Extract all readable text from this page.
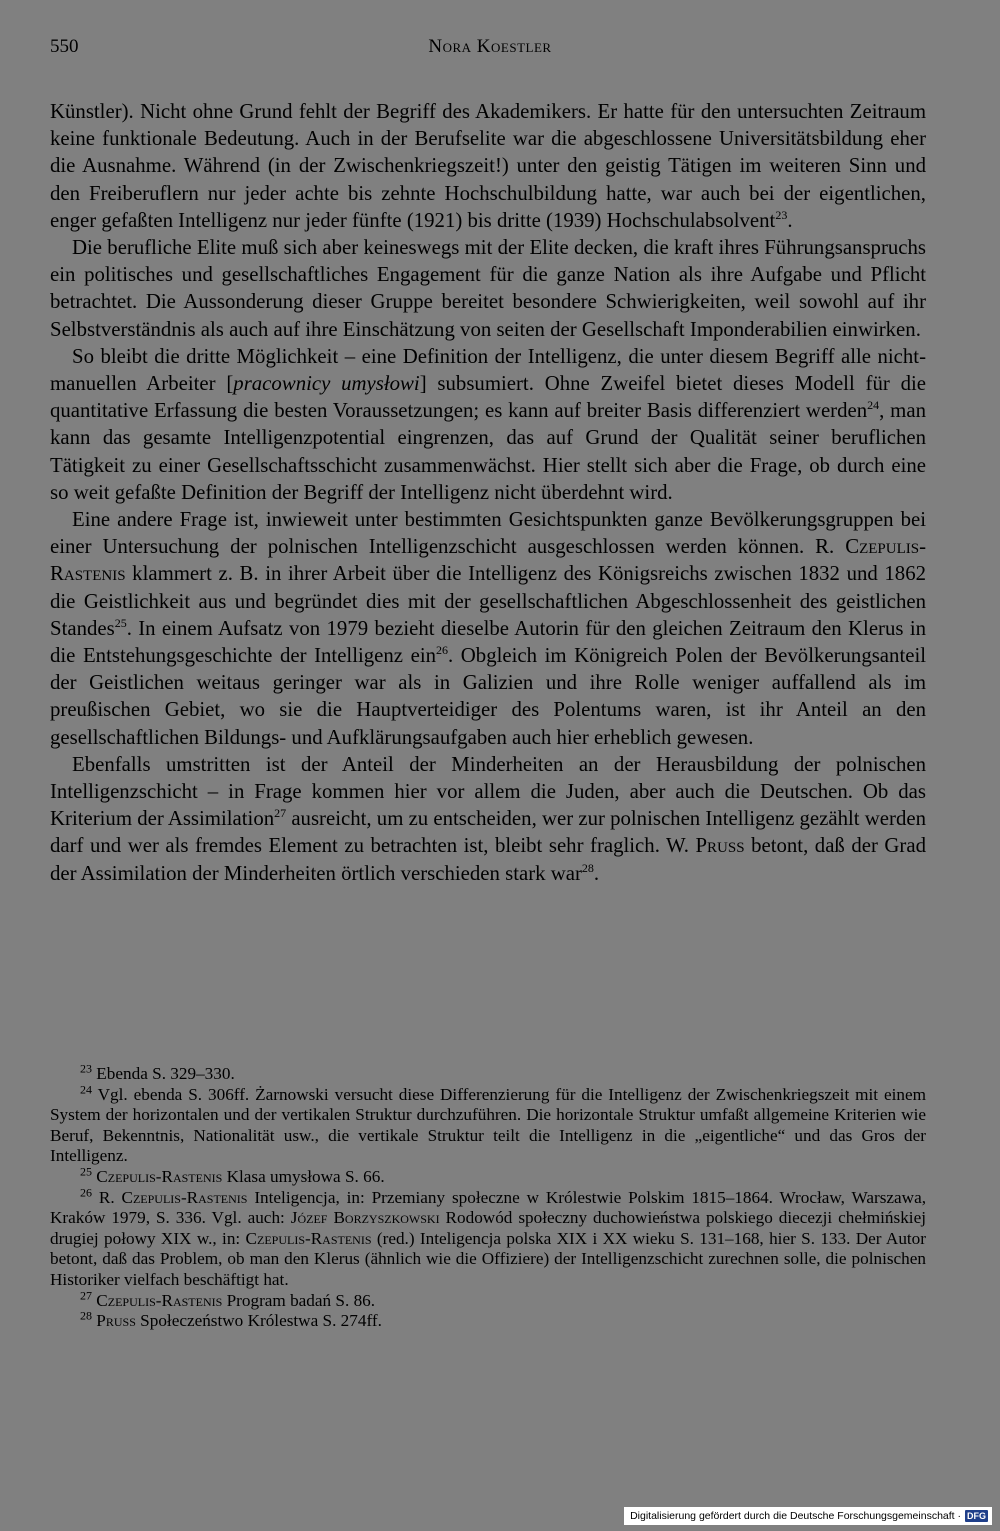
550	Nora Koestler

Künstler). Nicht ohne Grund fehlt der Begriff des Akademikers. Er hatte für den untersuchten Zeitraum keine funktionale Bedeutung. Auch in der Berufselite war die abgeschlossene Universitätsbildung eher die Ausnahme. Während (in der Zwischenkriegszeit!) unter den geistig Tätigen im weiteren Sinn und den Freiberuflern nur jeder achte bis zehnte Hochschulbildung hatte, war auch bei der eigentlichen, enger gefaßten Intelligenz nur jeder fünfte (1921) bis dritte (1939) Hochschulabsolvent$^{23}$.

Die berufliche Elite muß sich aber keineswegs mit der Elite decken, die kraft ihres Führungsanspruchs ein politisches und gesellschaftliches Engagement für die ganze Nation als ihre Aufgabe und Pflicht betrachtet. Die Aussonderung dieser Gruppe bereitet besondere Schwierigkeiten, weil sowohl auf ihr Selbstverständnis als auch auf ihre Einschätzung von seiten der Gesellschaft Imponderabilien einwirken.

So bleibt die dritte Möglichkeit – eine Definition der Intelligenz, die unter diesem Begriff alle nicht-manuellen Arbeiter [pracownicy umysłowi] subsumiert. Ohne Zweifel bietet dieses Modell für die quantitative Erfassung die besten Voraussetzungen; es kann auf breiter Basis differenziert werden$^{24}$, man kann das gesamte Intelligenzpotential eingrenzen, das auf Grund der Qualität seiner beruflichen Tätigkeit zu einer Gesellschaftsschicht zusammenwächst. Hier stellt sich aber die Frage, ob durch eine so weit gefaßte Definition der Begriff der Intelligenz nicht überdehnt wird.

Eine andere Frage ist, inwieweit unter bestimmten Gesichtspunkten ganze Bevölkerungsgruppen bei einer Untersuchung der polnischen Intelligenzschicht ausgeschlossen werden können. R. Czepulis-Rastenis klammert z. B. in ihrer Arbeit über die Intelligenz des Königsreichs zwischen 1832 und 1862 die Geistlichkeit aus und begründet dies mit der gesellschaftlichen Abgeschlossenheit des geistlichen Standes$^{25}$. In einem Aufsatz von 1979 bezieht dieselbe Autorin für den gleichen Zeitraum den Klerus in die Entstehungsgeschichte der Intelligenz ein$^{26}$. Obgleich im Königreich Polen der Bevölkerungsanteil der Geistlichen weitaus geringer war als in Galizien und ihre Rolle weniger auffallend als im preußischen Gebiet, wo sie die Hauptverteidiger des Polentums waren, ist ihr Anteil an den gesellschaftlichen Bildungs- und Aufklärungsaufgaben auch hier erheblich gewesen.

Ebenfalls umstritten ist der Anteil der Minderheiten an der Herausbildung der polnischen Intelligenzschicht – in Frage kommen hier vor allem die Juden, aber auch die Deutschen. Ob das Kriterium der Assimilation$^{27}$ ausreicht, um zu entscheiden, wer zur polnischen Intelligenz gezählt werden darf und wer als fremdes Element zu betrachten ist, bleibt sehr fraglich. W. Pruss betont, daß der Grad der Assimilation der Minderheiten örtlich verschieden stark war$^{28}$.

$^{23}$ Ebenda S. 329–330.

$^{24}$ Vgl. ebenda S. 306ff. Żarnowski versucht diese Differenzierung für die Intelligenz der Zwischenkriegszeit mit einem System der horizontalen und der vertikalen Struktur durchzuführen. Die horizontale Struktur umfaßt allgemeine Kriterien wie Beruf, Bekenntnis, Nationalität usw., die vertikale Struktur teilt die Intelligenz in die „eigentliche“ und das Gros der Intelligenz.

$^{25}$ Czepulis-Rastenis Klasa umysłowa S. 66.

$^{26}$ R. Czepulis-Rastenis Inteligencja, in: Przemiany społeczne w Królestwie Polskim 1815–1864. Wrocław, Warszawa, Kraków 1979, S. 336. Vgl. auch: Józef Borzyszkowski Rodowód społeczny duchowieństwa polskiego diecezji chełmińskiej drugiej połowy XIX w., in: Czepulis-Rastenis (red.) Inteligencja polska XIX i XX wieku S. 131–168, hier S. 133. Der Autor betont, daß das Problem, ob man den Klerus (ähnlich wie die Offiziere) der Intelligenzschicht zurechnen solle, die polnischen Historiker vielfach beschäftigt hat.

$^{27}$ Czepulis-Rastenis Program badań S. 86.

$^{28}$ Pruss Społeczeństwo Królestwa S. 274ff.

Digitalisierung gefördert durch die Deutsche Forschungsgemeinschaft · DFG
